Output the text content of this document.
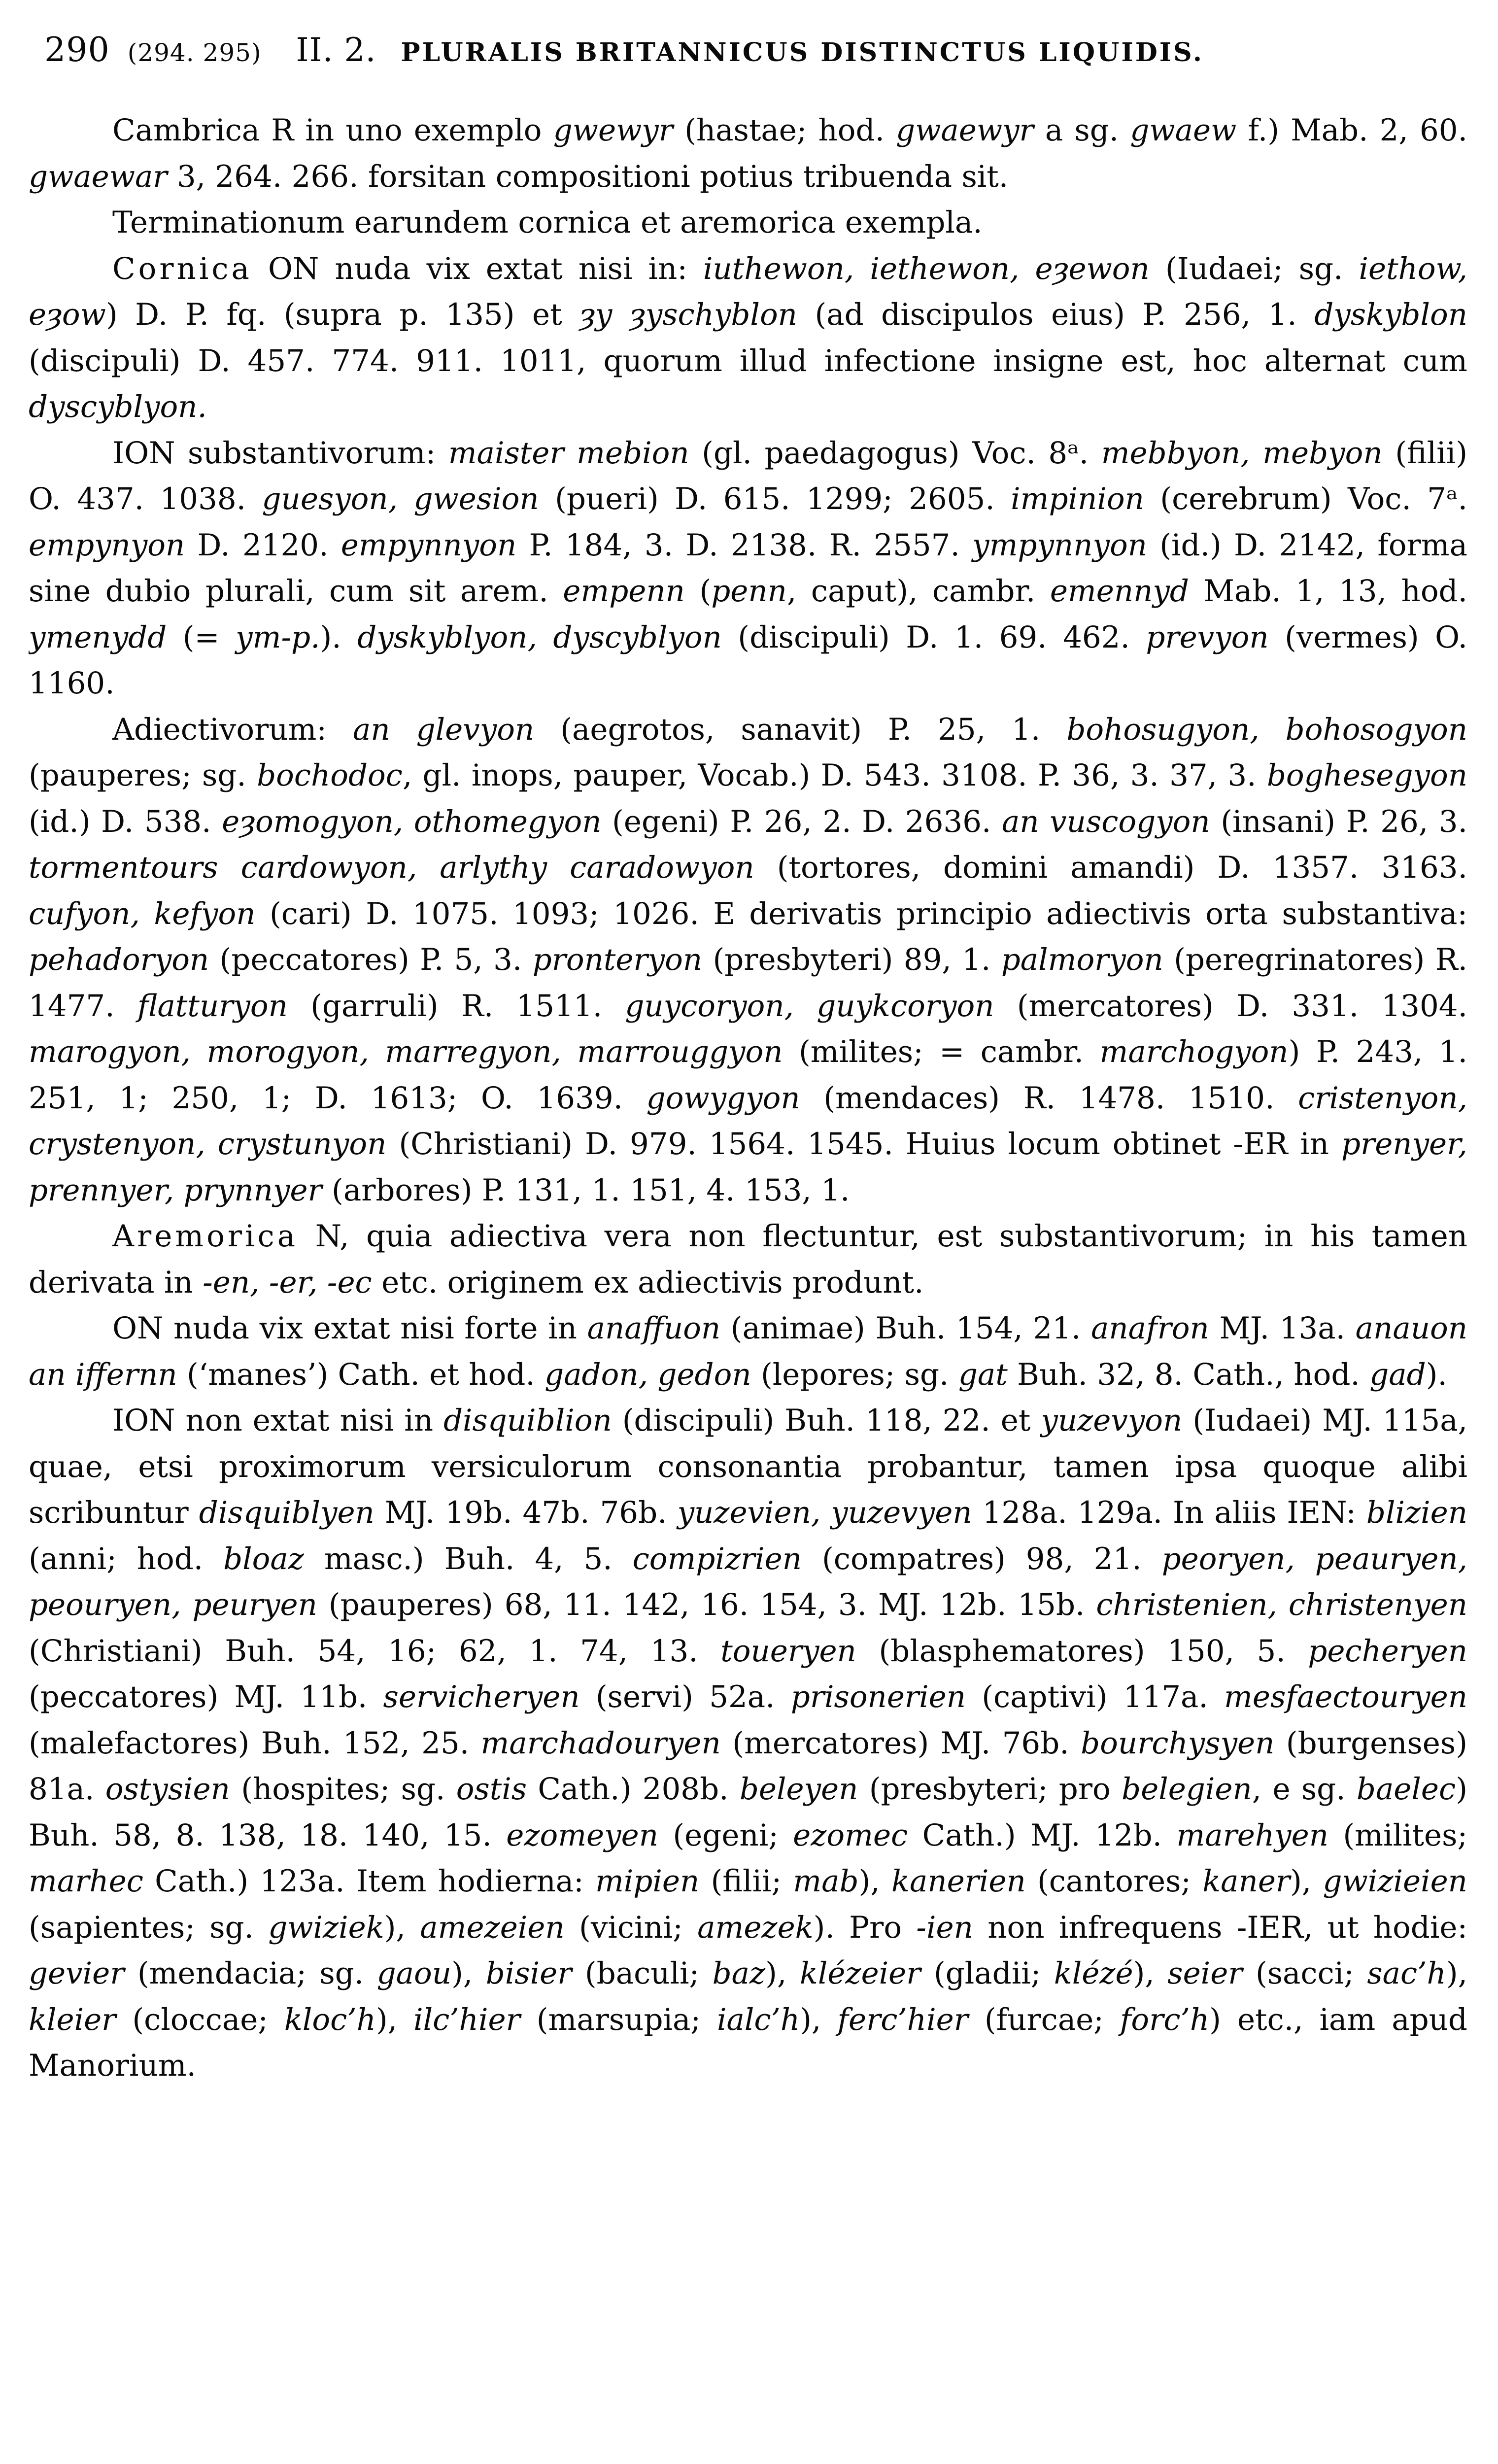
290 (294. 295) II. 2. PLURALIS BRITANNICUS DISTINCTUS LIQUIDIS.

Cambrica R in uno exemplo gwewyr (hastae; hod. gwaewyr a sg. gwaew f.) Mab. 2, 60. gwaewar 3, 264. 266. forsitan compositioni potius tribuenda sit.

Terminationum earundem cornica et aremorica exempla.

Cornica ON nuda vix extat nisi in: iuthewon, iethewon, eȝewon (Iudaei; sg. iethow, eȝow) D. P. fq. (supra p. 135) et ȝy ȝyschyblon (ad discipulos eius) P. 256, 1. dyskyblon (discipuli) D. 457. 774. 911. 1011, quorum illud infectione insigne est, hoc alternat cum dyscyblyon.

ION substantivorum: maister mebion (gl. paedagogus) Voc. 8ᵃ. mebbyon, mebyon (filii) O. 437. 1038. guesyon, gwesion (pueri) D. 615. 1299; 2605. impinion (cerebrum) Voc. 7ᵃ. empynyon D. 2120. empynnyon P. 184, 3. D. 2138. R. 2557. ympynnyon (id.) D. 2142, forma sine dubio plurali, cum sit arem. empenn (penn, caput), cambr. emennyd Mab. 1, 13, hod. ymenydd (= ym-p.). dyskyblyon, dyscyblyon (discipuli) D. 1. 69. 462. prevyon (vermes) O. 1160.

Adiectivorum: an glevyon (aegrotos, sanavit) P. 25, 1. bohosugyon, bohosogyon (pauperes; sg. bochodoc, gl. inops, pauper, Vocab.) D. 543. 3108. P. 36, 3. 37, 3. boghesegyon (id.) D. 538. eȝomogyon, othomegyon (egeni) P. 26, 2. D. 2636. an vuscogyon (insani) P. 26, 3. tormentours cardowyon, arlythy caradowyon (tortores, domini amandi) D. 1357. 3163. cufyon, kefyon (cari) D. 1075. 1093; 1026. E derivatis principio adiectivis orta substantiva: pehadoryon (peccatores) P. 5, 3. pronteryon (presbyteri) 89, 1. palmoryon (peregrinatores) R. 1477. flatturyon (garruli) R. 1511. guycoryon, guykcoryon (mercatores) D. 331. 1304. marogyon, morogyon, marregyon, marrouggyon (milites; = cambr. marchogyon) P. 243, 1. 251, 1; 250, 1; D. 1613; O. 1639. gowygyon (mendaces) R. 1478. 1510. cristenyon, crystenyon, crystunyon (Christiani) D. 979. 1564. 1545. Huius locum obtinet -ER in prenyer, prennyer, prynnyer (arbores) P. 131, 1. 151, 4. 153, 1.

Aremorica N, quia adiectiva vera non flectuntur, est substantivorum; in his tamen derivata in -en, -er, -ec etc. originem ex adiectivis produnt.

ON nuda vix extat nisi forte in anaffuon (animae) Buh. 154, 21. anafron MJ. 13a. anauon an iffernn (‘manes’) Cath. et hod. gadon, gedon (lepores; sg. gat Buh. 32, 8. Cath., hod. gad).

ION non extat nisi in disquiblion (discipuli) Buh. 118, 22. et yuzevyon (Iudaei) MJ. 115a, quae, etsi proximorum versiculorum consonantia probantur, tamen ipsa quoque alibi scribuntur disquiblyen MJ. 19b. 47b. 76b. yuzevien, yuzevyen 128a. 129a. In aliis IEN: blizien (anni; hod. bloaz masc.) Buh. 4, 5. compizrien (compatres) 98, 21. peoryen, peauryen, peouryen, peuryen (pauperes) 68, 11. 142, 16. 154, 3. MJ. 12b. 15b. christenien, christenyen (Christiani) Buh. 54, 16; 62, 1. 74, 13. toueryen (blasphematores) 150, 5. pecheryen (peccatores) MJ. 11b. servicheryen (servi) 52a. prisonerien (captivi) 117a. mesfaectouryen (malefactores) Buh. 152, 25. marchadouryen (mercatores) MJ. 76b. bourchysyen (burgenses) 81a. ostysien (hospites; sg. ostis Cath.) 208b. beleyen (presbyteri; pro belegien, e sg. baelec) Buh. 58, 8. 138, 18. 140, 15. ezomeyen (egeni; ezomec Cath.) MJ. 12b. marehyen (milites; marhec Cath.) 123a. Item hodierna: mipien (filii; mab), kanerien (cantores; kaner), gwizieien (sapientes; sg. gwiziek), amezeien (vicini; amezek). Pro -ien non infrequens -IER, ut hodie: gevier (mendacia; sg. gaou), bisier (baculi; baz), klézeier (gladii; klézé), seier (sacci; sac’h), kleier (cloccae; kloc’h), ilc’hier (marsupia; ialc’h), ferc’hier (furcae; forc’h) etc., iam apud Manorium.
